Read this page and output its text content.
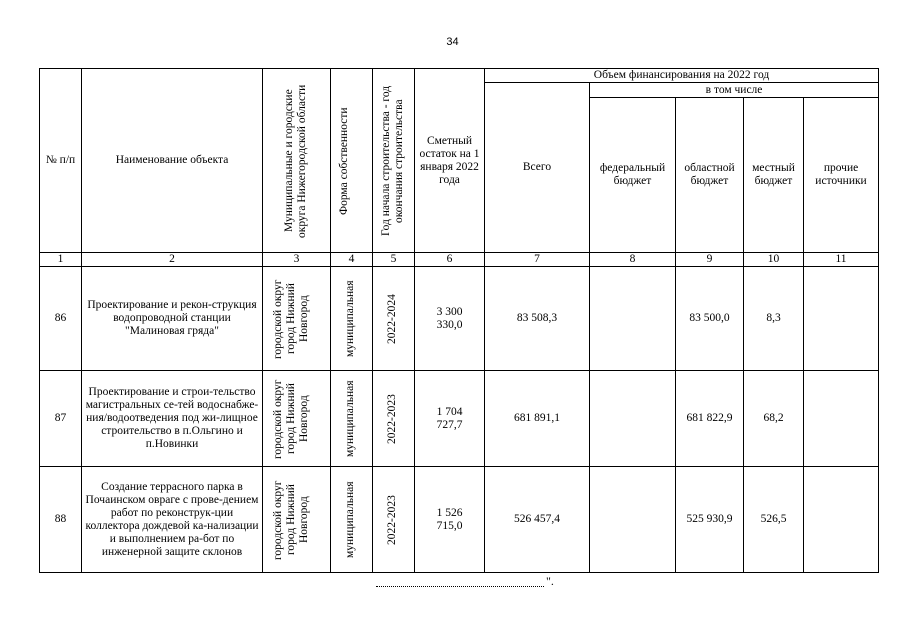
34
№ п/п	Наименование объекта	Муниципальные и городские округа Нижегородской области	Форма собственности	Год начала строительства - год окончания строительства	Сметный остаток на 1 января 2022 года	Объем финансирования на 2022 год				
						Всего	в том числе			
							федеральный бюджет	областной бюджет	местный бюджет	прочие источники
1	2	3	4	5	6	7	8	9	10	11
86	Проектирование и рекон-струкция водопроводной станции "Малиновая гряда"	городской округ город Нижний Новгород	муниципальная	2022-2024	3 300 330,0	83 508,3		83 500,0	8,3	
87	Проектирование и строи-тельство магистральных се-тей водоснабже-ния/водоотведения под жи-лищное строительство в п.Ольгино и п.Новинки	городской округ город Нижний Новгород	муниципальная	2022-2023	1 704 727,7	681 891,1		681 822,9	68,2	
88	Создание террасного парка в Почаинском овраге с прове-дением работ по реконструк-ции коллектора дождевой ка-нализации и выполнением ра-бот по инженерной защите склонов	городской округ город Нижний Новгород	муниципальная	2022-2023	1 526 715,0	526 457,4		525 930,9	526,5	
".
